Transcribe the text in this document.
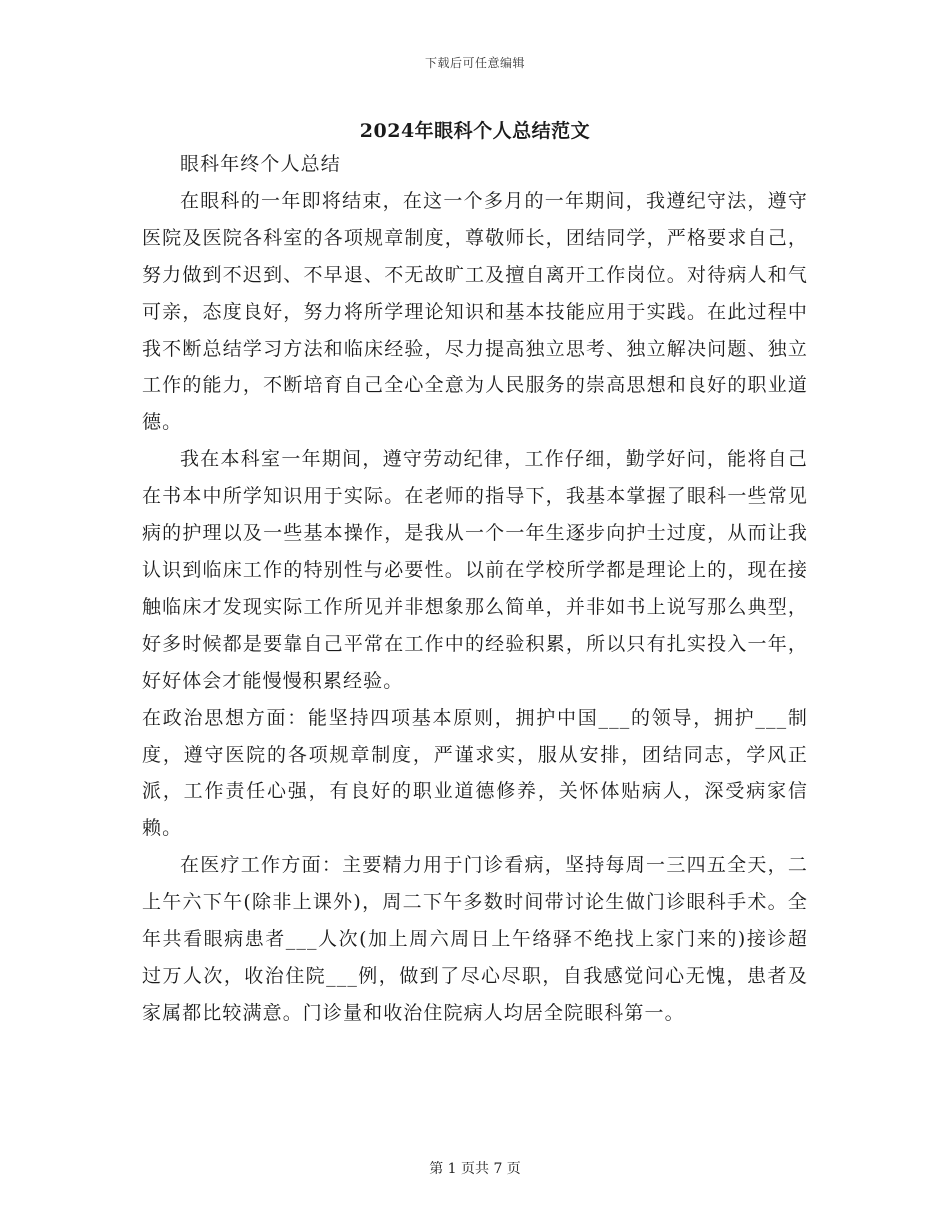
下载后可任意编辑
2024年眼科个人总结范文

眼科年终个人总结

在眼科的一年即将结束，在这一个多月的一年期间，我遵纪守法，遵守医院及医院各科室的各项规章制度，尊敬师长，团结同学，严格要求自己，努力做到不迟到、不早退、不无故旷工及擅自离开工作岗位。对待病人和气可亲，态度良好，努力将所学理论知识和基本技能应用于实践。在此过程中我不断总结学习方法和临床经验，尽力提高独立思考、独立解决问题、独立工作的能力，不断培育自己全心全意为人民服务的崇高思想和良好的职业道德。

我在本科室一年期间，遵守劳动纪律，工作仔细，勤学好问，能将自己在书本中所学知识用于实际。在老师的指导下，我基本掌握了眼科一些常见病的护理以及一些基本操作，是我从一个一年生逐步向护士过度，从而让我认识到临床工作的特别性与必要性。以前在学校所学都是理论上的，现在接触临床才发现实际工作所见并非想象那么简单，并非如书上说写那么典型，好多时候都是要靠自己平常在工作中的经验积累，所以只有扎实投入一年，好好体会才能慢慢积累经验。

在政治思想方面：能坚持四项基本原则，拥护中国___的领导，拥护___制度，遵守医院的各项规章制度，严谨求实，服从安排，团结同志，学风正派，工作责任心强，有良好的职业道德修养，关怀体贴病人，深受病家信赖。

在医疗工作方面：主要精力用于门诊看病，坚持每周一三四五全天，二上午六下午(除非上课外)，周二下午多数时间带讨论生做门诊眼科手术。全年共看眼病患者___人次(加上周六周日上午络驿不绝找上家门来的)接诊超过万人次，收治住院___例，做到了尽心尽职，自我感觉问心无愧，患者及家属都比较满意。门诊量和收治住院病人均居全院眼科第一。

第 1 页共 7 页
